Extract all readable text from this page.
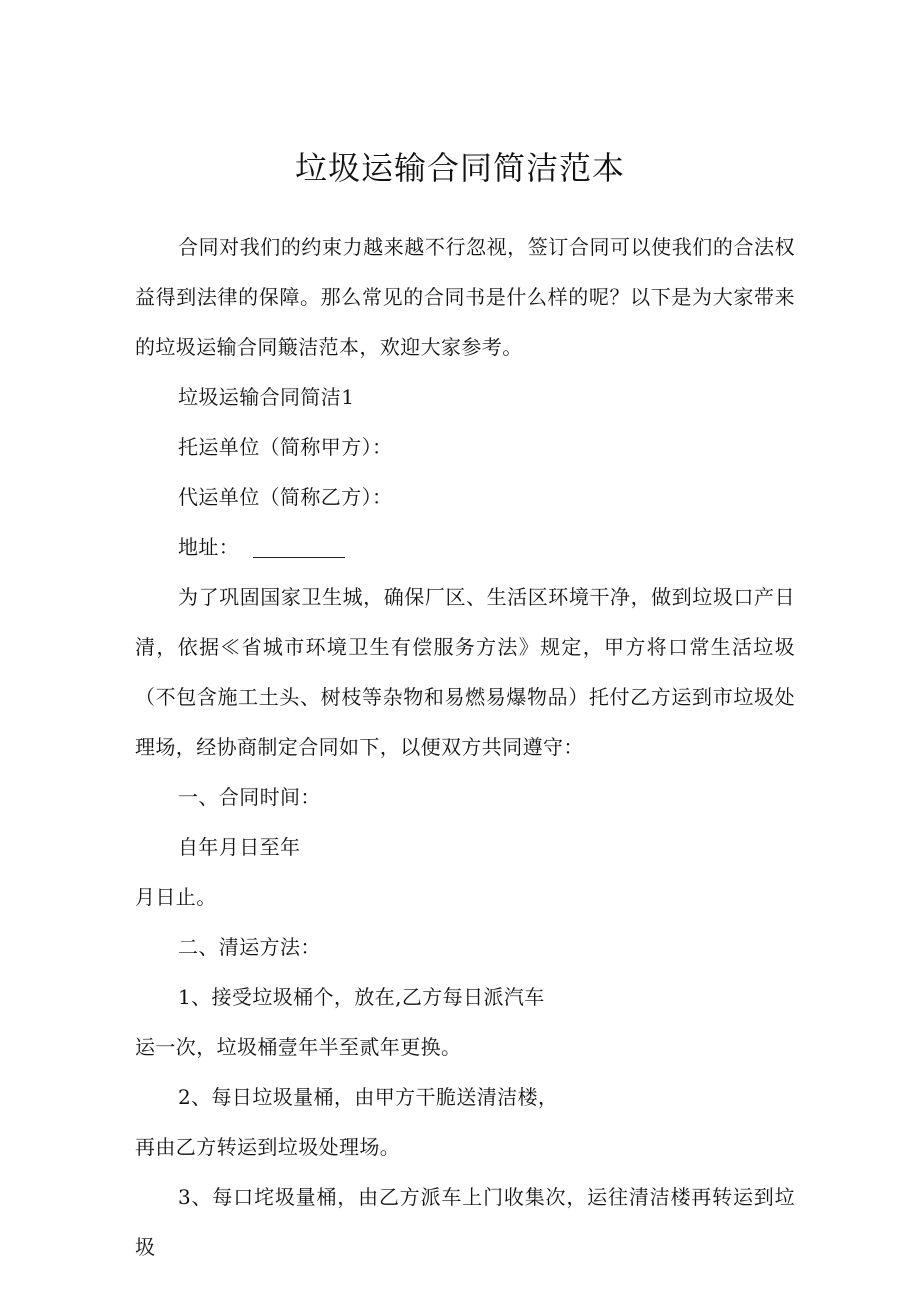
垃圾运输合同简洁范本

合同对我们的约束力越来越不行忽视，签订合同可以使我们的合法权益得到法律的保障。那么常见的合同书是什么样的呢？以下是为大家带来的垃圾运输合同簸洁范本，欢迎大家参考。

垃圾运输合同简洁1

托运单位（简称甲方）：

代运单位（简称乙方）：

地址：

为了巩固国家卫生城，确保厂区、生活区环境干净，做到垃圾口产日清，依据≪省城市环境卫生有偿服务方法》规定，甲方将口常生活垃圾（不包含施工土头、树枝等杂物和易燃易爆物品）托付乙方运到市垃圾处理场，经协商制定合同如下，以便双方共同遵守：

一、合同时间：

自年月日至年

月日止。

二、清运方法：

1、接受垃圾桶个，放在,乙方每日派汽车

运一次，垃圾桶壹年半至贰年更换。

2、每日垃圾量桶，由甲方干脆送清洁楼，

再由乙方转运到垃圾处理场。

3、每口垞圾量桶，由乙方派车上门收集次，运往清洁楼再转运到垃圾
